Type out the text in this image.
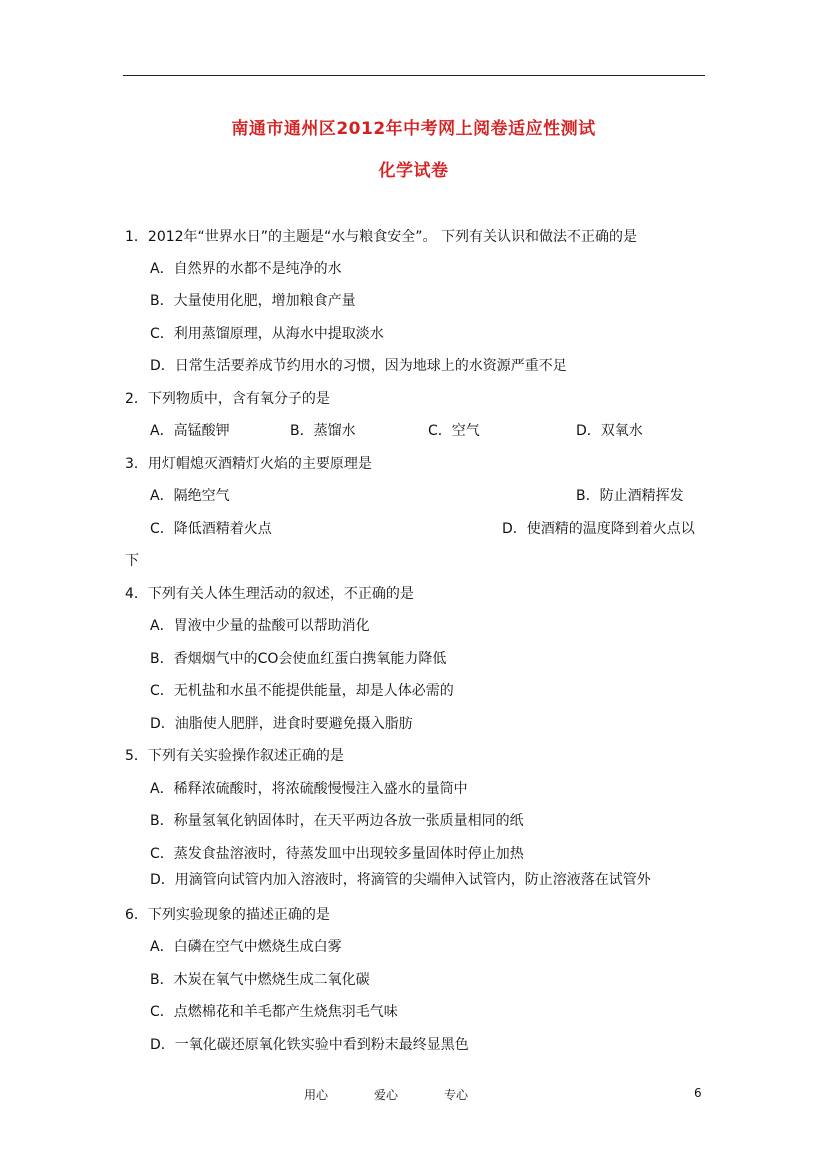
南通市通州区2012年中考网上阅卷适应性测试
化学试卷
1．2012年“世界水日”的主题是“水与粮食安全”。 下列有关认识和做法不正确的是
A．自然界的水都不是纯净的水
B．大量使用化肥，增加粮食产量
C．利用蒸馏原理，从海水中提取淡水
D．日常生活要养成节约用水的习惯，因为地球上的水资源严重不足
2．下列物质中，含有氧分子的是
A．高锰酸钾	B．蒸馏水	C．空气	D．双氧水
3．用灯帽熄灭酒精灯火焰的主要原理是
A．隔绝空气	B．防止酒精挥发
C．降低酒精着火点	D．使酒精的温度降到着火点以
下
4．下列有关人体生理活动的叙述，不正确的是
A．胃液中少量的盐酸可以帮助消化
B．香烟烟气中的CO会使血红蛋白携氧能力降低
C．无机盐和水虽不能提供能量，却是人体必需的
D．油脂使人肥胖，进食时要避免摄入脂肪
5．下列有关实验操作叙述正确的是
A．稀释浓硫酸时，将浓硫酸慢慢注入盛水的量筒中
B．称量氢氧化钠固体时，在天平两边各放一张质量相同的纸
C．蒸发食盐溶液时，待蒸发皿中出现较多量固体时停止加热
D．用滴管向试管内加入溶液时，将滴管的尖端伸入试管内，防止溶液落在试管外
6．下列实验现象的描述正确的是
A．白磷在空气中燃烧生成白雾
B．木炭在氧气中燃烧生成二氧化碳
C．点燃棉花和羊毛都产生烧焦羽毛气味
D．一氧化碳还原氧化铁实验中看到粉末最终显黑色
用心	爱心	专心	6
